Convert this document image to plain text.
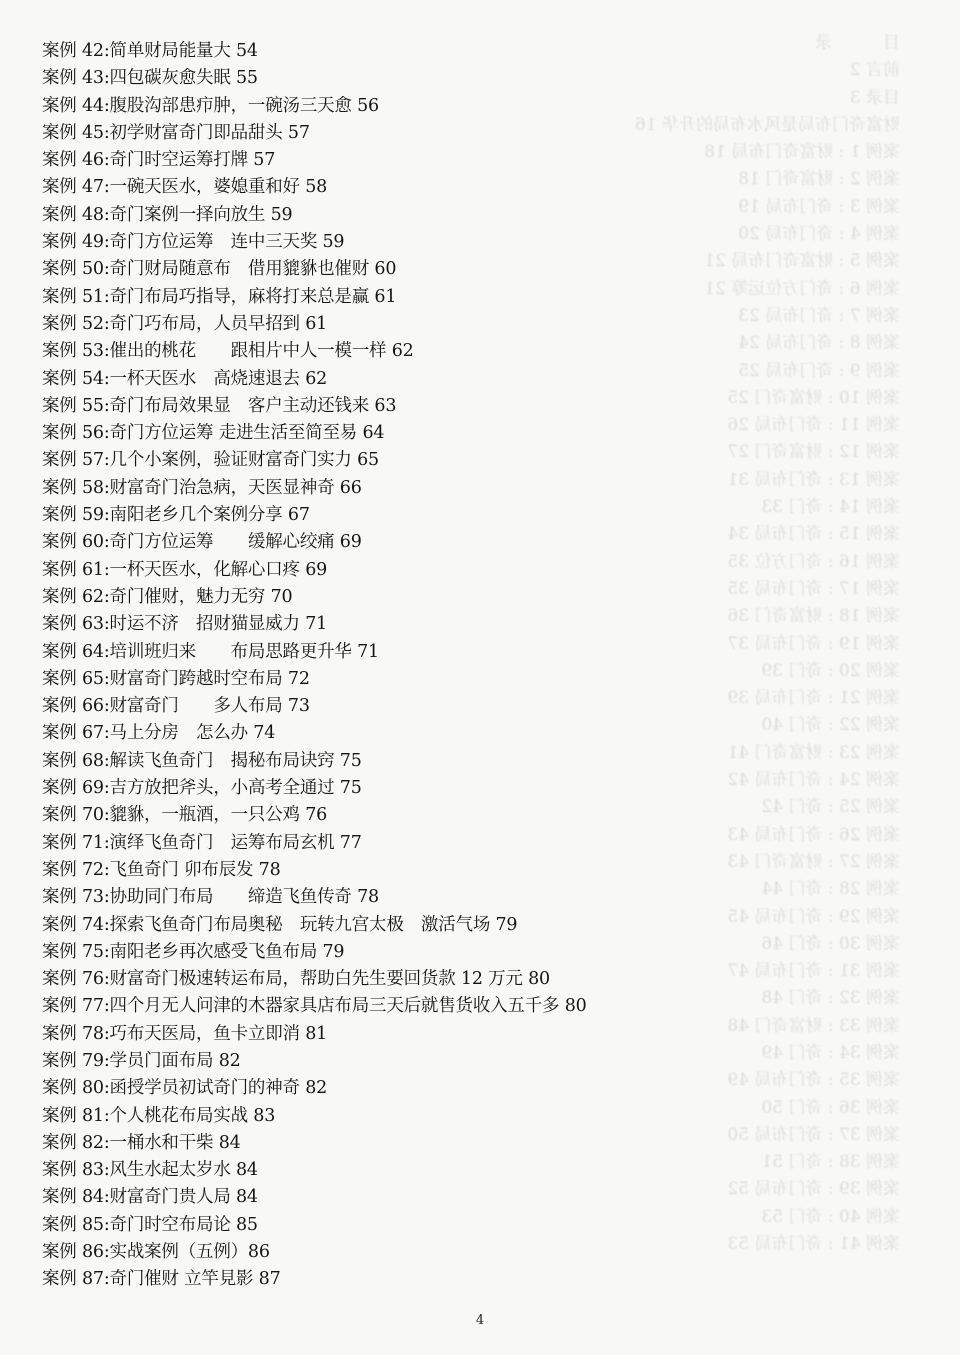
目　　　录
前言 2
目录 3
财富奇门布局是风水布局的升华 16
案例 1 : 财富奇门布局 18
案例 2 : 财富奇门 18
案例 3 : 奇门布局 19
案例 4 : 奇门布局 20
案例 5 : 财富奇门布局 21
案例 6 : 奇门方位运筹 21
案例 7 : 奇门布局 23
案例 8 : 奇门布局 24
案例 9 : 奇门布局 25
案例 10 : 财富奇门 25
案例 11 : 奇门布局 26
案例 12 : 财富奇门 27
案例 13 : 奇门布局 31
案例 14 : 奇门 33
案例 15 : 奇门布局 34
案例 16 : 奇门方位 35
案例 17 : 奇门布局 35
案例 18 : 财富奇门 36
案例 19 : 奇门布局 37
案例 20 : 奇门 39
案例 21 : 奇门布局 39
案例 22 : 奇门 40
案例 23 : 财富奇门 41
案例 24 : 奇门布局 42
案例 25 : 奇门 42
案例 26 : 奇门布局 43
案例 27 : 财富奇门 43
案例 28 : 奇门 44
案例 29 : 奇门布局 45
案例 30 : 奇门 46
案例 31 : 奇门布局 47
案例 32 : 奇门 48
案例 33 : 财富奇门 48
案例 34 : 奇门 49
案例 35 : 奇门布局 49
案例 36 : 奇门 50
案例 37 : 奇门布局 50
案例 38 : 奇门 51
案例 39 : 奇门布局 52
案例 40 : 奇门 53
案例 41 : 奇门布局 53
案例 42:简单财局能量大 54
案例 43:四包碳灰愈失眠 55
案例 44:腹股沟部患疖肿，一碗汤三天愈 56
案例 45:初学财富奇门即品甜头 57
案例 46:奇门时空运筹打牌 57
案例 47:一碗天医水，婆媳重和好 58
案例 48:奇门案例一择向放生 59
案例 49:奇门方位运筹　连中三天奖 59
案例 50:奇门财局随意布　借用貔貅也催财 60
案例 51:奇门布局巧指导，麻将打来总是赢 61
案例 52:奇门巧布局，人员早招到 61
案例 53:催出的桃花　　跟相片中人一模一样 62
案例 54:一杯天医水　高烧速退去 62
案例 55:奇门布局效果显　客户主动还钱来 63
案例 56:奇门方位运筹 走进生活至简至易 64
案例 57:几个小案例，验证财富奇门实力 65
案例 58:财富奇门治急病，天医显神奇 66
案例 59:南阳老乡几个案例分享 67
案例 60:奇门方位运筹　　缓解心绞痛 69
案例 61:一杯天医水，化解心口疼 69
案例 62:奇门催财，魅力无穷 70
案例 63:时运不济　招财猫显威力 71
案例 64:培训班归来　　布局思路更升华 71
案例 65:财富奇门跨越时空布局 72
案例 66:财富奇门　　多人布局 73
案例 67:马上分房　怎么办 74
案例 68:解读飞鱼奇门　揭秘布局诀窍 75
案例 69:吉方放把斧头，小高考全通过 75
案例 70:貔貅，一瓶酒，一只公鸡 76
案例 71:演绎飞鱼奇门　运筹布局玄机 77
案例 72:飞鱼奇门 卯布辰发 78
案例 73:协助同门布局　　缔造飞鱼传奇 78
案例 74:探索飞鱼奇门布局奥秘　玩转九宫太极　激活气场 79
案例 75:南阳老乡再次感受飞鱼布局 79
案例 76:财富奇门极速转运布局，帮助白先生要回货款 12 万元 80
案例 77:四个月无人问津的木器家具店布局三天后就售货收入五千多 80
案例 78:巧布天医局，鱼卡立即消 81
案例 79:学员门面布局 82
案例 80:函授学员初试奇门的神奇 82
案例 81:个人桃花布局实战 83
案例 82:一桶水和干柴 84
案例 83:风生水起太岁水 84
案例 84:财富奇门贵人局 84
案例 85:奇门时空布局论 85
案例 86:实战案例（五例）86
案例 87:奇门催财 立竿見影 87
4
